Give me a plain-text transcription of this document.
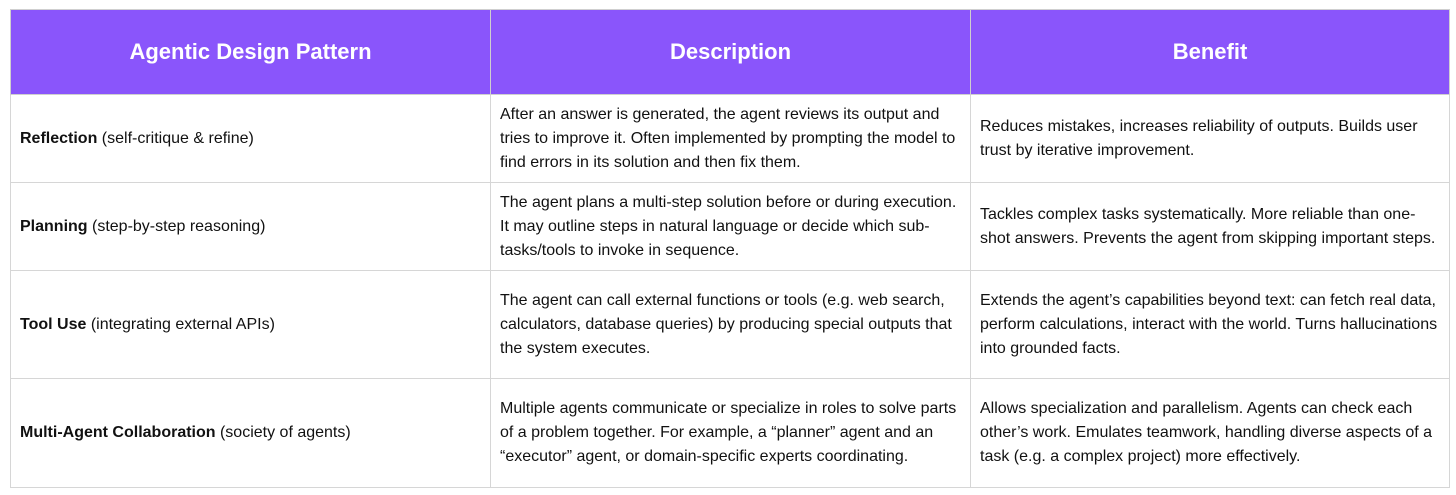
Agentic Design Pattern	Description	Benefit
Reflection (self-critique & refine)	After an answer is generated, the agent reviews its output and tries to improve it. Often implemented by prompting the model to find errors in its solution and then fix them.	Reduces mistakes, increases reliability of outputs. Builds user trust by iterative improvement.
Planning (step-by-step reasoning)	The agent plans a multi-step solution before or during execution. It may outline steps in natural language or decide which sub-tasks/tools to invoke in sequence.	Tackles complex tasks systematically. More reliable than one-shot answers. Prevents the agent from skipping important steps.
Tool Use (integrating external APIs)	The agent can call external functions or tools (e.g. web search, calculators, database queries) by producing special outputs that the system executes.	Extends the agent’s capabilities beyond text: can fetch real data, perform calculations, interact with the world. Turns hallucinations into grounded facts.
Multi-Agent Collaboration (society of agents)	Multiple agents communicate or specialize in roles to solve parts of a problem together. For example, a “planner” agent and an “executor” agent, or domain-specific experts coordinating.	Allows specialization and parallelism. Agents can check each other’s work. Emulates teamwork, handling diverse aspects of a task (e.g. a complex project) more effectively.
